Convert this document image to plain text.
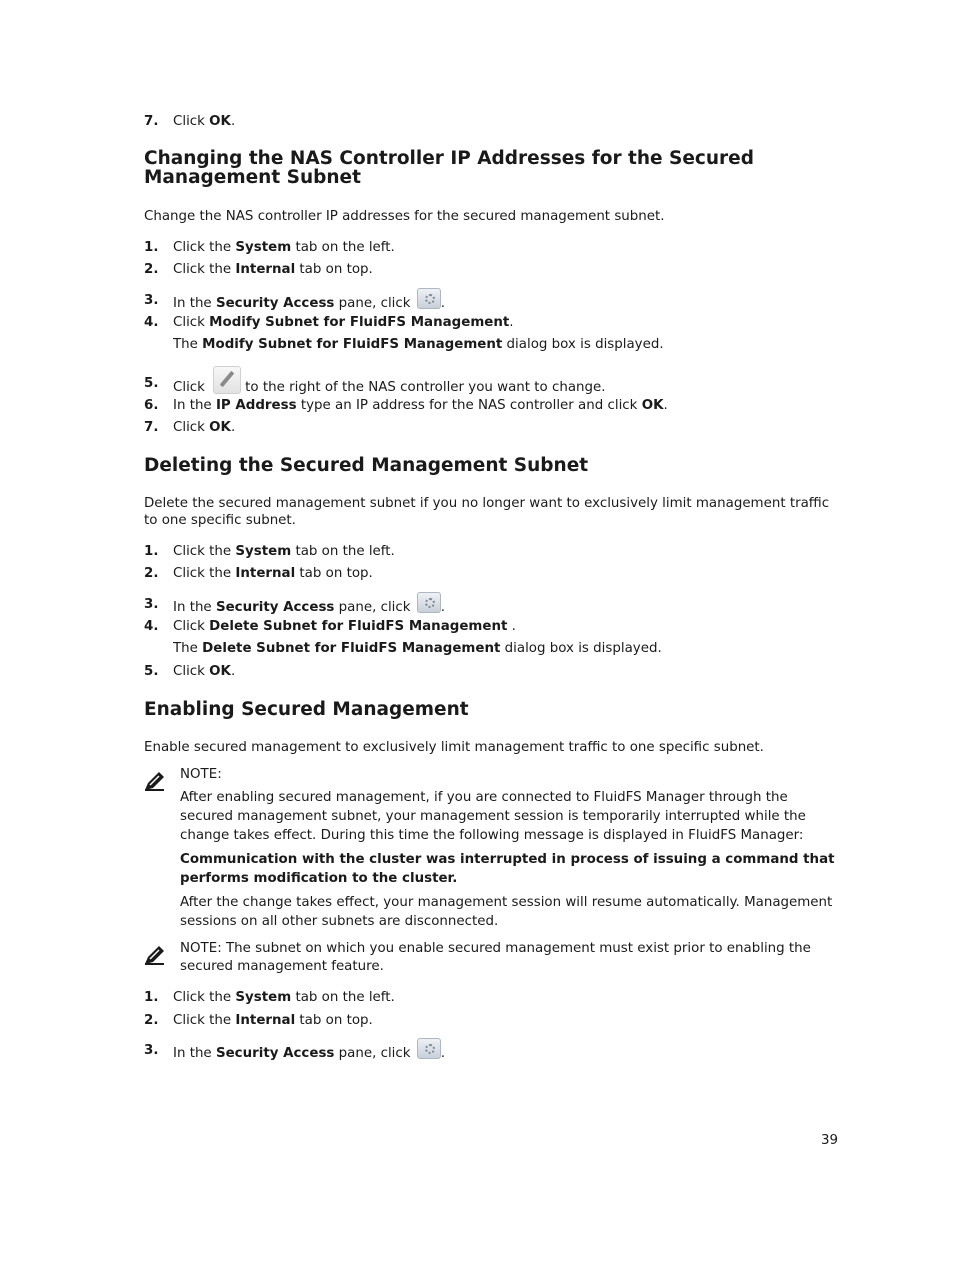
7. Click OK.
Changing the NAS Controller IP Addresses for the Secured Management Subnet
Change the NAS controller IP addresses for the secured management subnet.
1. Click the System tab on the left.
2. Click the Internal tab on top.
3. In the Security Access pane, click .
4. Click Modify Subnet for FluidFS Management.
The Modify Subnet for FluidFS Management dialog box is displayed.
5. Click	to the right of the NAS controller you want to change.
6. In the IP Address type an IP address for the NAS controller and click OK.
7. Click OK.
Deleting the Secured Management Subnet
Delete the secured management subnet if you no longer want to exclusively limit management traffic to one specific subnet.
1. Click the System tab on the left.
2. Click the Internal tab on top.
3. In the Security Access pane, click .
4. Click Delete Subnet for FluidFS Management .
The Delete Subnet for FluidFS Management dialog box is displayed.
5. Click OK.
Enabling Secured Management
Enable secured management to exclusively limit management traffic to one specific subnet.
NOTE:
After enabling secured management, if you are connected to FluidFS Manager through the secured management subnet, your management session is temporarily interrupted while the change takes effect. During this time the following message is displayed in FluidFS Manager:
Communication with the cluster was interrupted in process of issuing a command that performs modification to the cluster.
After the change takes effect, your management session will resume automatically. Management sessions on all other subnets are disconnected.
NOTE: The subnet on which you enable secured management must exist prior to enabling the secured management feature.
1. Click the System tab on the left.
2. Click the Internal tab on top.
3. In the Security Access pane, click .
39
